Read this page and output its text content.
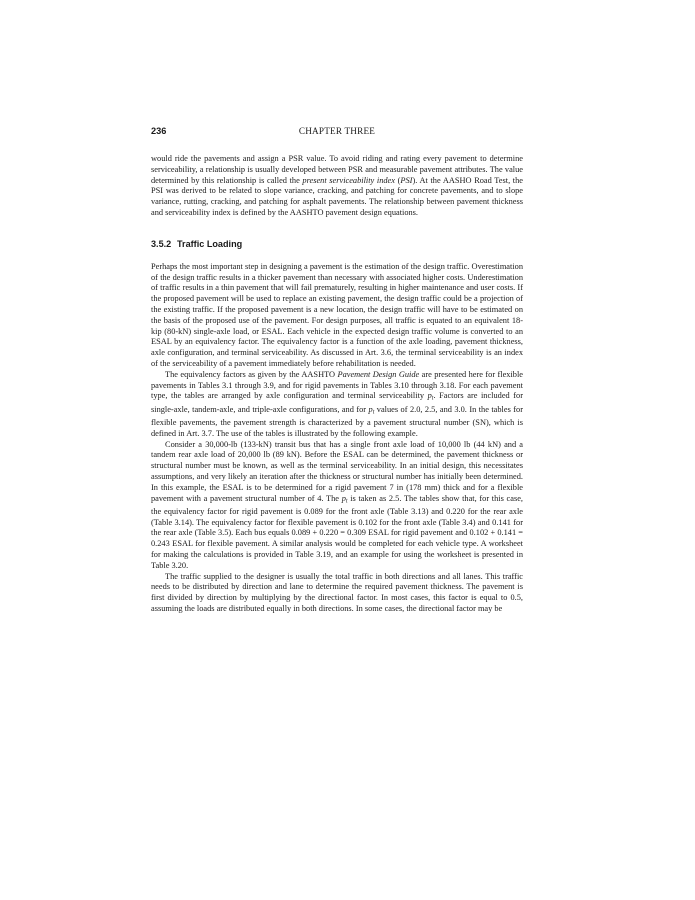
236	CHAPTER THREE

would ride the pavements and assign a PSR value. To avoid riding and rating every pavement to determine serviceability, a relationship is usually developed between PSR and measurable pavement attributes. The value determined by this relationship is called the present serviceability index (PSI). At the AASHO Road Test, the PSI was derived to be related to slope variance, cracking, and patching for concrete pavements, and to slope variance, rutting, cracking, and patching for asphalt pavements. The relationship between pavement thickness and serviceability index is defined by the AASHTO pavement design equations.

3.5.2 Traffic Loading

Perhaps the most important step in designing a pavement is the estimation of the design traffic. Overestimation of the design traffic results in a thicker pavement than necessary with associated higher costs. Underestimation of traffic results in a thin pavement that will fail prematurely, resulting in higher maintenance and user costs. If the proposed pavement will be used to replace an existing pavement, the design traffic could be a projection of the existing traffic. If the proposed pavement is a new location, the design traffic will have to be estimated on the basis of the proposed use of the pavement. For design purposes, all traffic is equated to an equivalent 18-kip (80-kN) single-axle load, or ESAL. Each vehicle in the expected design traffic volume is converted to an ESAL by an equivalency factor. The equivalency factor is a function of the axle loading, pavement thickness, axle configuration, and terminal serviceability. As discussed in Art. 3.6, the terminal serviceability is an index of the serviceability of a pavement immediately before rehabilitation is needed.

The equivalency factors as given by the AASHTO Pavement Design Guide are presented here for flexible pavements in Tables 3.1 through 3.9, and for rigid pavements in Tables 3.10 through 3.18. For each pavement type, the tables are arranged by axle configuration and terminal serviceability $p_t$. Factors are included for single-axle, tandem-axle, and triple-axle configurations, and for $p_t$ values of 2.0, 2.5, and 3.0. In the tables for flexible pavements, the pavement strength is characterized by a pavement structural number (SN), which is defined in Art. 3.7. The use of the tables is illustrated by the following example.

Consider a 30,000-lb (133-kN) transit bus that has a single front axle load of 10,000 lb (44 kN) and a tandem rear axle load of 20,000 lb (89 kN). Before the ESAL can be determined, the pavement thickness or structural number must be known, as well as the terminal serviceability. In an initial design, this necessitates assumptions, and very likely an iteration after the thickness or structural number has initially been determined. In this example, the ESAL is to be determined for a rigid pavement 7 in (178 mm) thick and for a flexible pavement with a pavement structural number of 4. The $p_t$ is taken as 2.5. The tables show that, for this case, the equivalency factor for rigid pavement is 0.089 for the front axle (Table 3.13) and 0.220 for the rear axle (Table 3.14). The equivalency factor for flexible pavement is 0.102 for the front axle (Table 3.4) and 0.141 for the rear axle (Table 3.5). Each bus equals 0.089 + 0.220 = 0.309 ESAL for rigid pavement and 0.102 + 0.141 = 0.243 ESAL for flexible pavement. A similar analysis would be completed for each vehicle type. A worksheet for making the calculations is provided in Table 3.19, and an example for using the worksheet is presented in Table 3.20.

The traffic supplied to the designer is usually the total traffic in both directions and all lanes. This traffic needs to be distributed by direction and lane to determine the required pavement thickness. The pavement is first divided by direction by multiplying by the directional factor. In most cases, this factor is equal to 0.5, assuming the loads are distributed equally in both directions. In some cases, the directional factor may be
